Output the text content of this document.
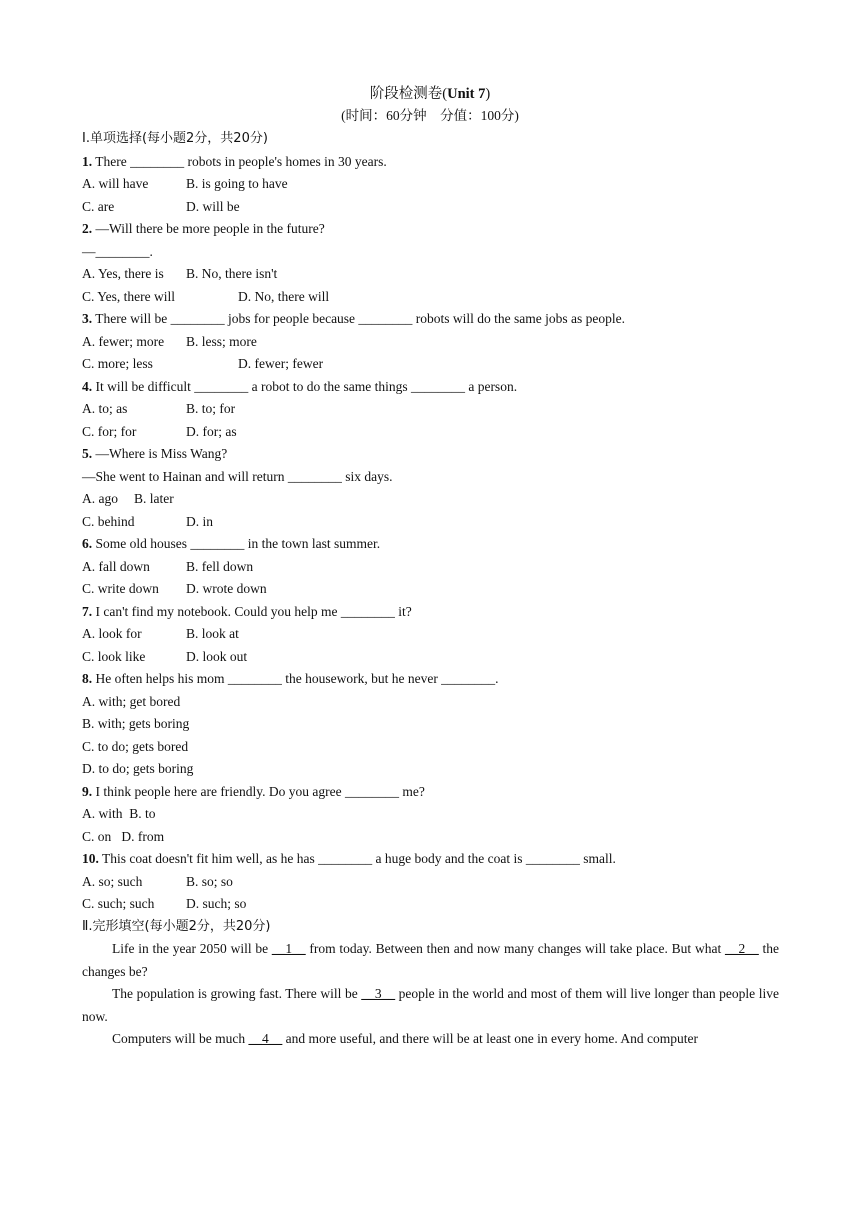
阶段检测卷(Unit 7)
(时间：60分钟　分值：100分)
Ⅰ.单项选择(每小题2分，共20分)
1. There ________ robots in people's homes in 30 years.
A. will have	B. is going to have
C. are	D. will be
2. —Will there be more people in the future?
—________.
A. Yes, there is B. No, there isn't
C. Yes, there will	D. No, there will
3. There will be ________ jobs for people because ________ robots will do the same jobs as people.
A. fewer; more B. less; more
C. more; less	D. fewer; fewer
4. It will be difficult ________ a robot to do the same things ________ a person.
A. to; as	B. to; for
C. for; for	D. for; as
5. —Where is Miss Wang?
—She went to Hainan and will return ________ six days.
A. ago B. later
C. behind	D. in
6. Some old houses ________ in the town last summer.
A. fall down	B. fell down
C. write down D. wrote down
7. I can't find my notebook. Could you help me ________ it?
A. look for	B. look at
C. look like	D. look out
8. He often helps his mom ________ the housework, but he never ________.
A. with; get bored
B. with; gets boring
C. to do; gets bored
D. to do; gets boring
9. I think people here are friendly. Do you agree ________ me?
A. with B. to
C. on D. from
10. This coat doesn't fit him well, as he has ________ a huge body and the coat is ________ small.
A. so; such	B. so; so
C. such; such D. such; so
Ⅱ.完形填空(每小题2分，共20分)
Life in the year 2050 will be __1__ from today. Between then and now many changes will take place. But what __2__ the changes be?
The population is growing fast. There will be __3__ people in the world and most of them will live longer than people live now.
Computers will be much __4__ and more useful, and there will be at least one in every home. And computer
